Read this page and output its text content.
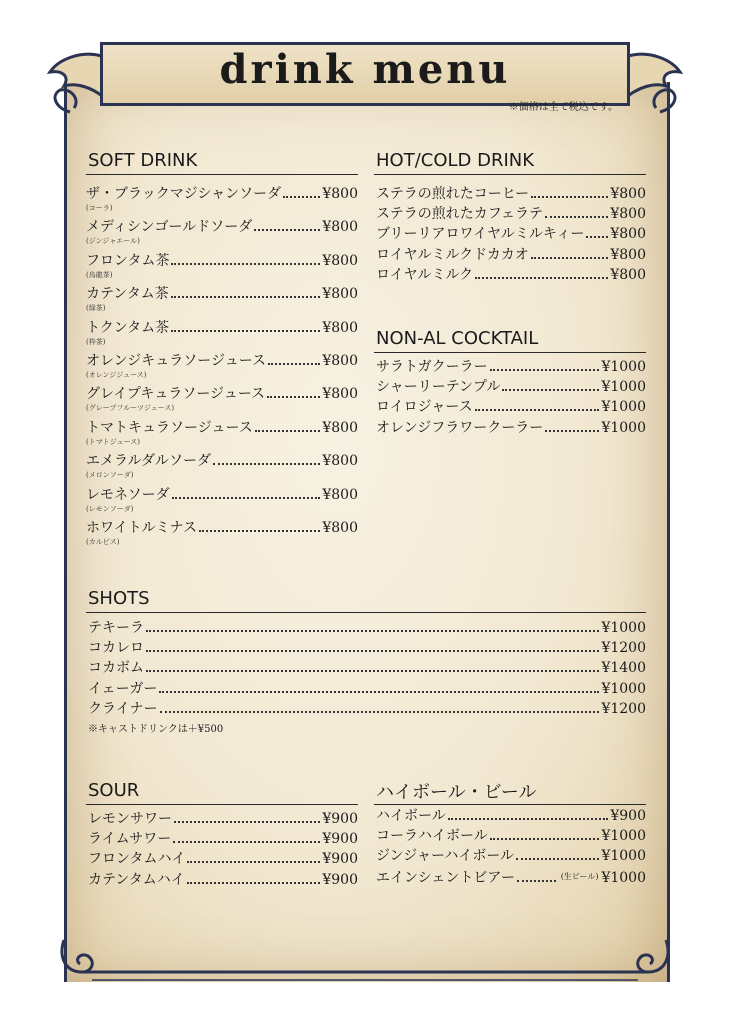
drink menu
※価格は全て税込です。
SOFT DRINK
ザ・ブラックマジシャンソーダ	¥800
(コーラ)
メディシンゴールドソーダ	¥800
(ジンジャエール)
フロンタム茶	¥800
(烏龍茶)
カテンタム茶	¥800
(緑茶)
トクンタム茶	¥800
(枠茶)
オレンジキュラソージュース	¥800
(オレンジジュース)
グレイプキュラソージュース	¥800
(グレープフルーツジュース)
トマトキュラソージュース	¥800
(トマトジュース)
エメラルダルソーダ	¥800
(メロンソーダ)
レモネソーダ	¥800
(レモンソーダ)
ホワイトルミナス	¥800
(カルピス)
HOT/COLD DRINK
ステラの煎れたコーヒー	¥800
ステラの煎れたカフェラテ	¥800
ブリーリアロワイヤルミルキィー ¥800
ロイヤルミルクドカカオ	¥800
ロイヤルミルク	¥800
NON-AL COCKTAIL
サラトガクーラー	¥1000
シャーリーテンプル	¥1000
ロイロジャース	¥1000
オレンジフラワークーラー	¥1000
SHOTS
テキーラ	¥1000
コカレロ	¥1200
コカボム	¥1400
イェーガー	¥1000
クライナー	¥1200
※キャストドリンクは＋¥500
SOUR
レモンサワー	¥900
ライムサワー	¥900
フロンタムハイ	¥900
カテンタムハイ	¥900
ハイボール・ビール
ハイボール	¥900
コーラハイボール	¥1000
ジンジャーハイボール	¥1000
エインシェントビアー	(生ビール) ¥1000
